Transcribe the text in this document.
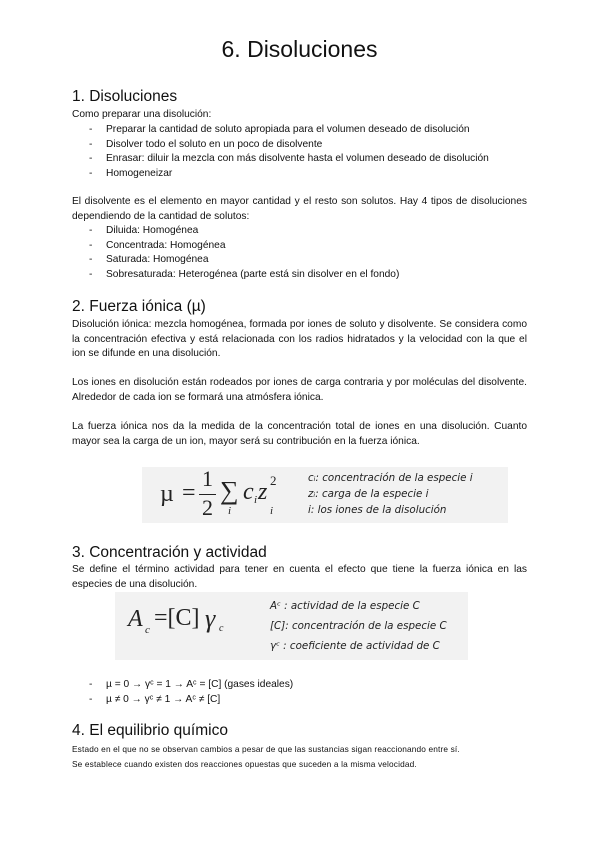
6. Disoluciones
1. Disoluciones

Como preparar una disolución:

- Preparar la cantidad de soluto apropiada para el volumen deseado de disolución
- Disolver todo el soluto en un poco de disolvente
- Enrasar: diluir la mezcla con más disolvente hasta el volumen deseado de disolución
- Homogeneizar

El disolvente es el elemento en mayor cantidad y el resto son solutos. Hay 4 tipos de disoluciones dependiendo de la cantidad de solutos:

- Diluida: Homogénea
- Concentrada: Homogénea
- Saturada: Homogénea
- Sobresaturada: Heterogénea (parte está sin disolver en el fondo)
2. Fuerza iónica (µ)

Disolución iónica: mezcla homogénea, formada por iones de soluto y disolvente. Se considera como la concentración efectiva y está relacionada con los radios hidratados y la velocidad con la que el ion se difunde en una disolución.

Los iones en disolución están rodeados por iones de carga contraria y por moléculas del disolvente. Alrededor de cada ion se formará una atmósfera iónica.

La fuerza iónica nos da la medida de la concentración total de iones en una disolución. Cuanto mayor sea la carga de un ion, mayor será su contribución en la fuerza iónica.

µ =
1
2
∑
i
c i z 2
i
cᵢ: concentración de la especie i
zᵢ: carga de la especie i
i: los iones de la disolución
3. Concentración y actividad

Se define el término actividad para tener en cuenta el efecto que tiene la fuerza iónica en las especies de una disolución.

A c =[C] γ c
Aᶜ : actividad de la especie C
[C]: concentración de la especie C
γᶜ : coeficiente de actividad de C
- µ = 0 → γᶜ = 1 → Aᶜ = [C] (gases ideales)
- µ ≠ 0 → γᶜ ≠ 1 → Aᶜ ≠ [C]
4. El equilibrio químico
Estado en el que no se observan cambios a pesar de que las sustancias sigan reaccionando entre sí.
Se establece cuando existen dos reacciones opuestas que suceden a la misma velocidad.
